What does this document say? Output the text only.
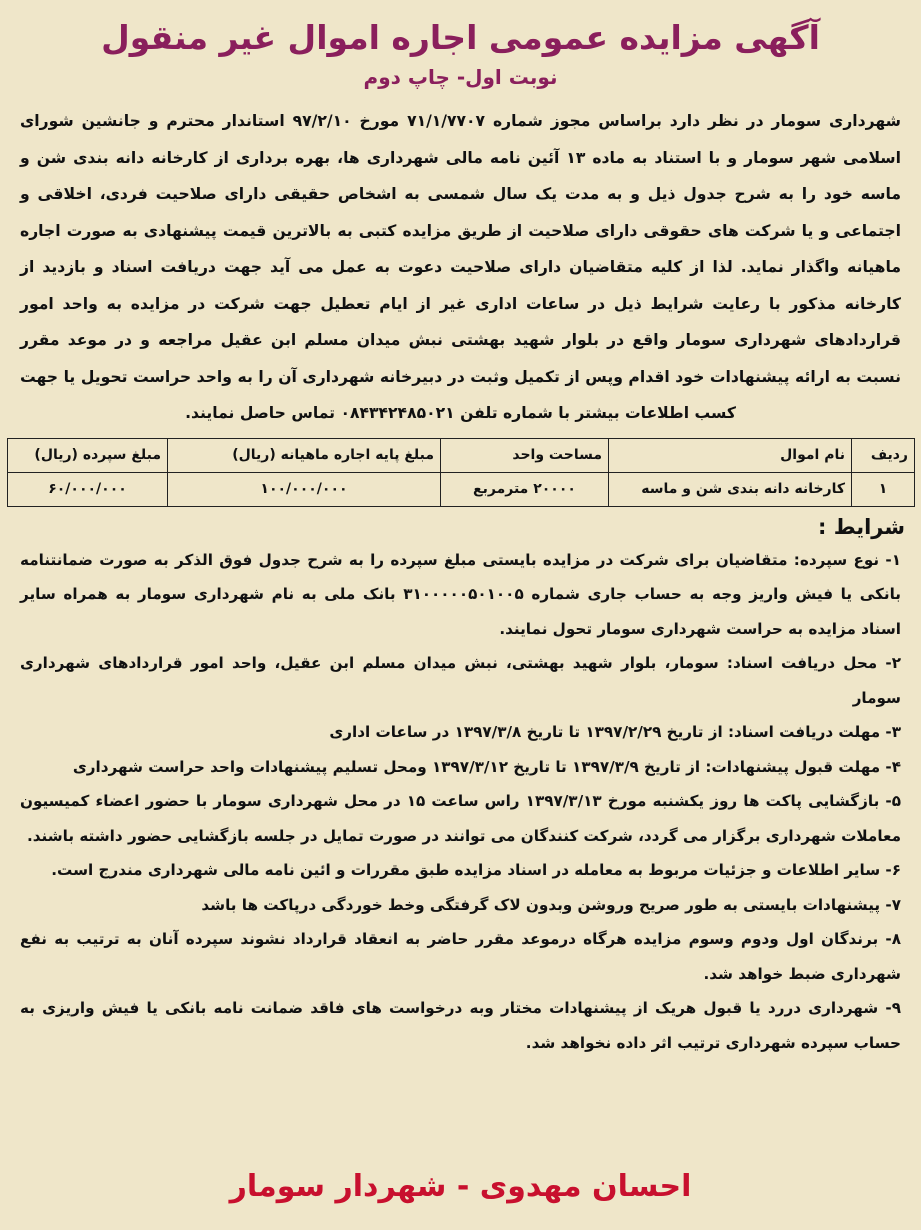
آگهی مزایده عمومی اجاره اموال غیر منقول
نوبت اول- چاپ دوم
شهرداری سومار در نظر دارد براساس مجوز شماره ۷۱/۱/۷۷۰۷ مورخ ۹۷/۲/۱۰ استاندار محترم و جانشین شورای اسلامی شهر سومار و با استناد به ماده ۱۳ آئین نامه مالی شهرداری ها، بهره برداری از کارخانه دانه بندی شن و ماسه خود را به شرح جدول ذیل و به مدت یک سال شمسی به اشخاص حقیقی دارای صلاحیت فردی، اخلاقی و اجتماعی و یا شرکت های حقوقی دارای صلاحیت از طریق مزایده کتبی به بالاترین قیمت پیشنهادی به صورت اجاره ماهیانه واگذار نماید. لذا از کلیه متقاضیان دارای صلاحیت دعوت به عمل می آید جهت دریافت اسناد و بازدید از کارخانه مذکور با رعایت شرایط ذیل در ساعات اداری غیر از ایام تعطیل جهت شرکت در مزایده به واحد امور قراردادهای شهرداری سومار واقع در بلوار شهید بهشتی نبش میدان مسلم ابن عقیل مراجعه و در موعد مقرر نسبت به ارائه پیشنهادات خود اقدام وپس از تکمیل وثبت در دبیرخانه شهرداری آن را به واحد حراست تحویل یا جهت کسب اطلاعات بیشتر با شماره تلفن ۰۸۴۳۴۲۴۸۵۰۲۱ تماس حاصل نمایند.
ردیف	نام اموال	مساحت واحد	مبلغ پایه اجاره ماهیانه (ریال)	مبلغ سپرده (ریال)
۱	کارخانه دانه بندی شن و ماسه	۲۰۰۰۰ مترمربع	۱۰۰/۰۰۰/۰۰۰	۶۰/۰۰۰/۰۰۰
شرایط :

۱- نوع سپرده: متقاضیان برای شرکت در مزایده بایستی مبلغ سپرده را به شرح جدول فوق الذکر به صورت ضمانتنامه بانکی یا فیش واریز وجه به حساب جاری شماره ۳۱۰۰۰۰۰۵۰۱۰۰۵ بانک ملی به نام شهرداری سومار به همراه سایر اسناد مزایده به حراست شهرداری سومار تحول نمایند.

۲- محل دریافت اسناد: سومار، بلوار شهید بهشتی، نبش میدان مسلم ابن عقیل، واحد امور قراردادهای شهرداری سومار

۳- مهلت دریافت اسناد: از تاریخ ۱۳۹۷/۲/۲۹ تا تاریخ ۱۳۹۷/۳/۸ در ساعات اداری

۴- مهلت قبول پیشنهادات: از تاریخ ۱۳۹۷/۳/۹ تا تاریخ ۱۳۹۷/۳/۱۲ ومحل تسلیم پیشنهادات واحد حراست شهرداری

۵- بازگشایی پاکت ها روز یکشنبه مورخ ۱۳۹۷/۳/۱۳ راس ساعت ۱۵ در محل شهرداری سومار با حضور اعضاء کمیسیون معاملات شهرداری برگزار می گردد، شرکت کنندگان می توانند در صورت تمایل در جلسه بازگشایی حضور داشته باشند.

۶- سایر اطلاعات و جزئیات مربوط به معامله در اسناد مزایده طبق مقررات و ائین نامه مالی شهرداری مندرج است.

۷- پیشنهادات بایستی به طور صریح وروشن وبدون لاک گرفتگی وخط خوردگی درپاکت ها باشد

۸- برندگان اول ودوم وسوم مزایده هرگاه درموعد مقرر حاضر به انعقاد قرارداد نشوند سپرده آنان به ترتیب به نفع شهرداری ضبط خواهد شد.

۹- شهرداری دررد یا قبول هریک از پیشنهادات مختار وبه درخواست های فاقد ضمانت نامه بانکی یا فیش واریزی به حساب سپرده شهرداری ترتیب اثر داده نخواهد شد.

احسان مهدوی - شهردار سومار
